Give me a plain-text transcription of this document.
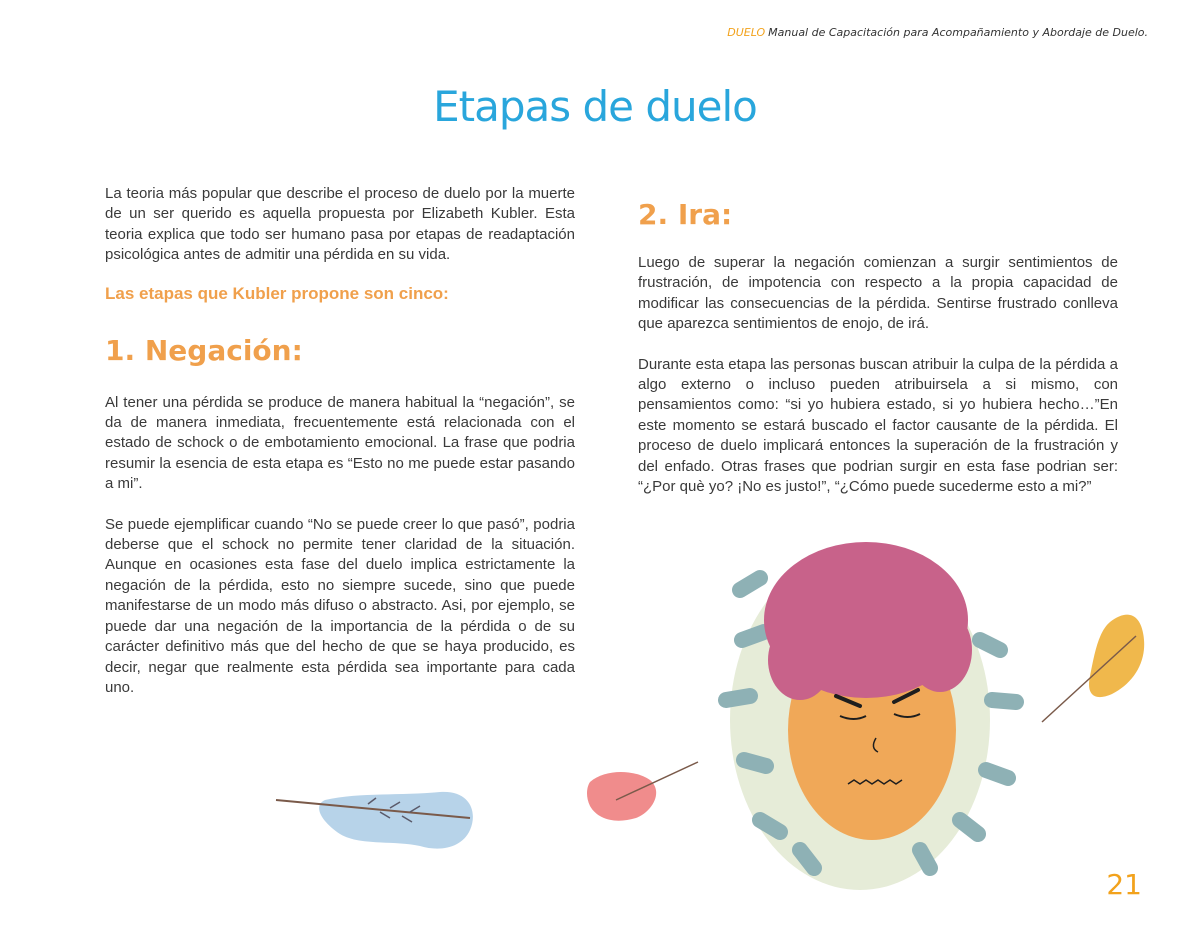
DUELO Manual de Capacitación para Acompañamiento y Abordaje de Duelo.
Etapas de duelo

La teoria más popular que describe el proceso de duelo por la muerte de un ser querido es aquella propuesta por Elizabeth Kubler. Esta teoria explica que todo ser humano pasa por etapas de readaptación psicológica antes de admitir una pérdida en su vida.

Las etapas que Kubler propone son cinco:

1. Negación:

Al tener una pérdida se produce de manera habitual la “negación”, se da de manera inmediata, frecuentemente está relacionada con el estado de schock o de embotamiento emocional. La frase que podria resumir la esencia de esta etapa es “Esto no me puede estar pasando a mi”.

Se puede ejemplificar cuando “No se puede creer lo que pasó”, podria deberse que el schock no permite tener claridad de la situación. Aunque en ocasiones esta fase del duelo implica estrictamente la negación de la pérdida, esto no siempre sucede, sino que puede manifestarse de un modo más difuso o abstracto. Asi, por ejemplo, se puede dar una negación de la importancia de la pérdida o de su carácter definitivo más que del hecho de que se haya producido, es decir, negar que realmente esta pérdida sea importante para cada uno.

2. Ira:

Luego de superar la negación comienzan a surgir sentimientos de frustración, de impotencia con respecto a la propia capacidad de modificar las consecuencias de la pérdida. Sentirse frustrado conlleva que aparezca sentimientos de enojo, de irá.

Durante esta etapa las personas buscan atribuir la culpa de la pérdida a algo externo o incluso pueden atribuirsela a si mismo, con pensamientos como: “si yo hubiera estado, si yo hubiera hecho…”En este momento se estará buscado el factor causante de la pérdida. El proceso de duelo implicará entonces la superación de la frustración y del enfado. Otras frases que podrian surgir en esta fase podrian ser: “¿Por què yo? ¡No es justo!”, “¿Cómo puede sucederme esto a mi?”

21
